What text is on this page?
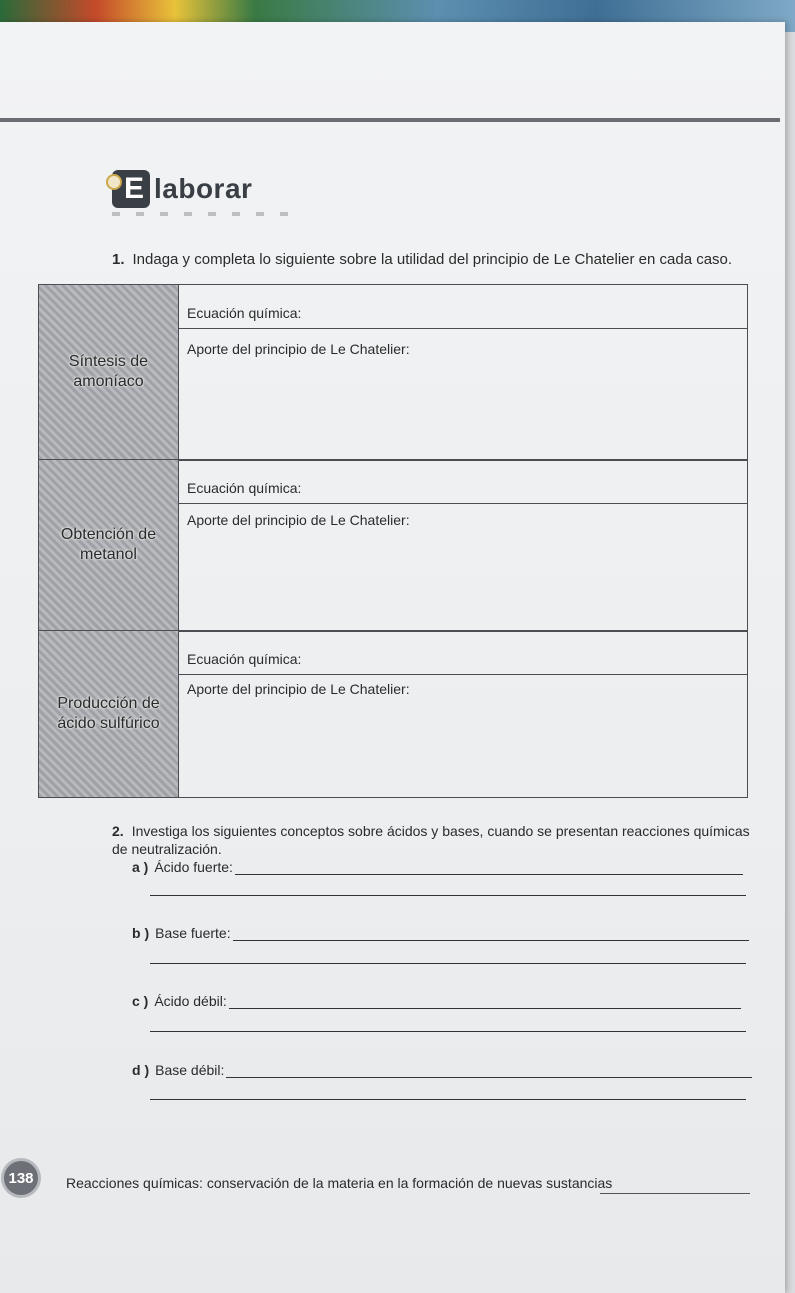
E laborar
1. Indaga y completa lo siguiente sobre la utilidad del principio de Le Chatelier en cada caso.
Síntesis de
amoníaco
Ecuación química:
Aporte del principio de Le Chatelier:
Obtención de
metanol
Ecuación química:
Aporte del principio de Le Chatelier:
Producción de
ácido sulfúrico
Ecuación química:
Aporte del principio de Le Chatelier:
2. Investiga los siguientes conceptos sobre ácidos y bases, cuando se presentan reacciones químicas de neutralización.
a ) Ácido fuerte:
b ) Base fuerte:
c ) Ácido débil:
d ) Base débil:
138	Reacciones químicas: conservación de la materia en la formación de nuevas sustancias
